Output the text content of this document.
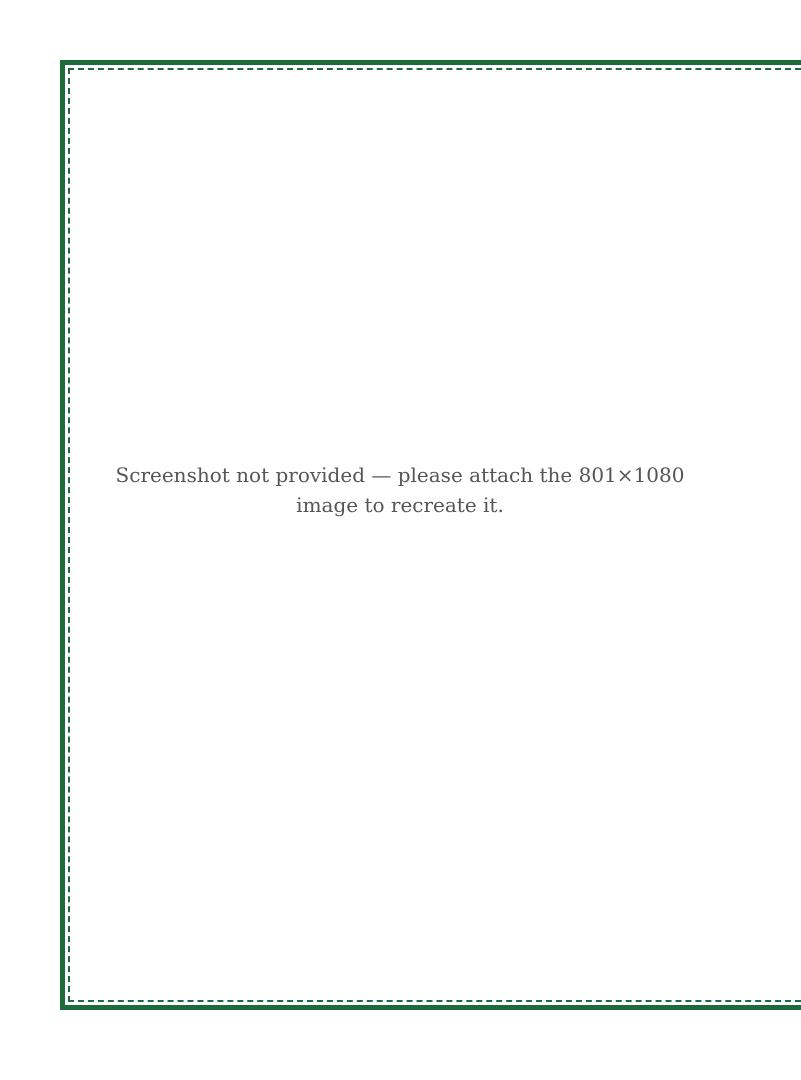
Screenshot not provided — please attach the 801×1080 image to recreate it.
